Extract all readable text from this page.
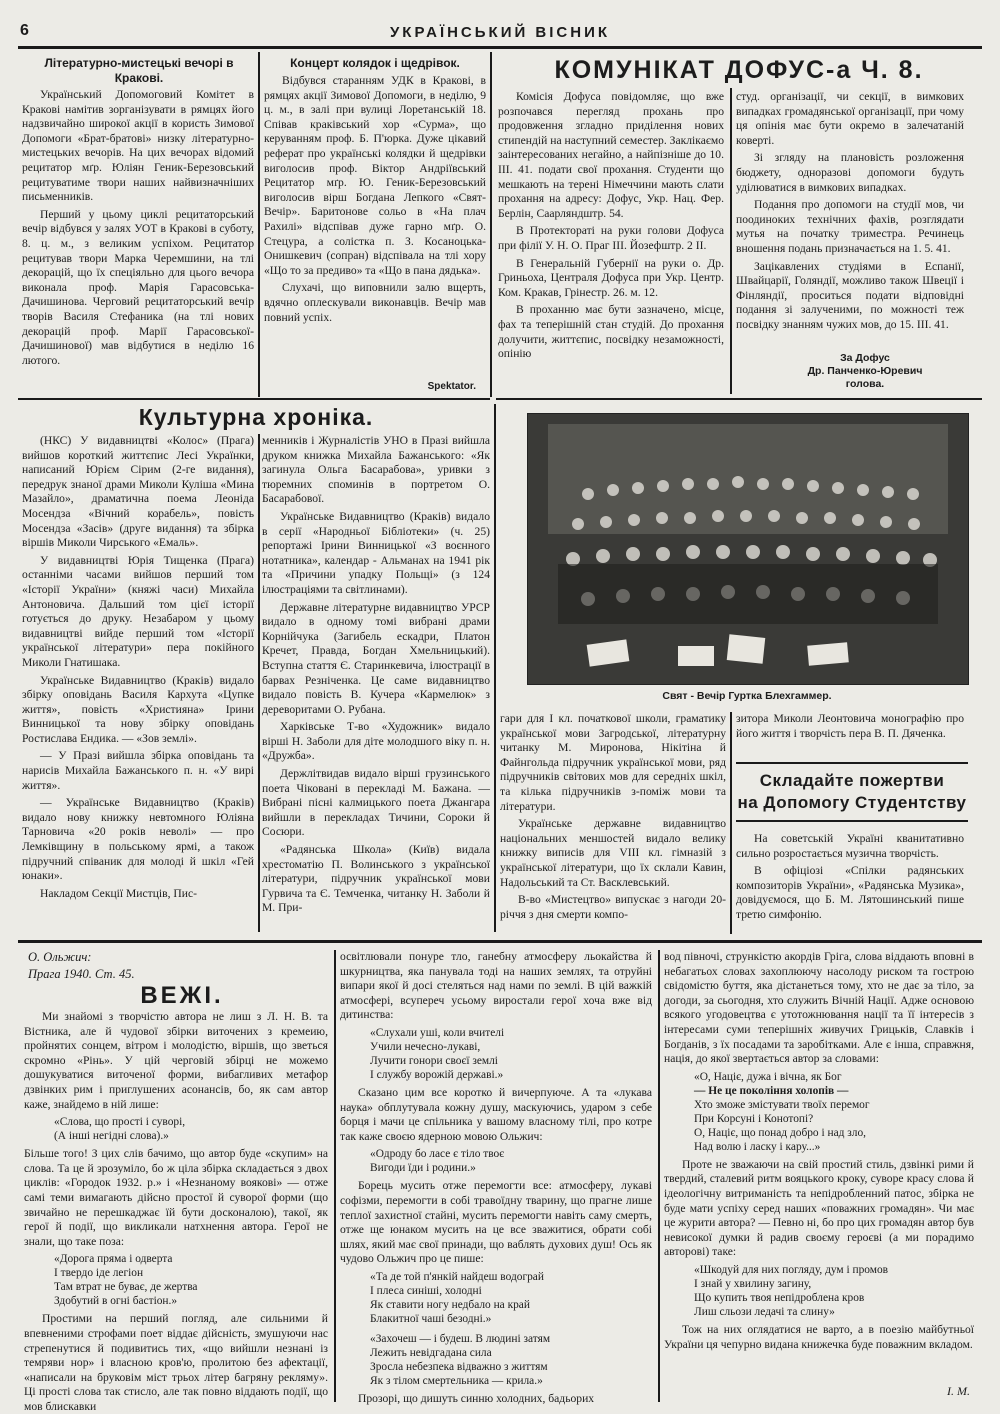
6	УКРАЇНСЬКИЙ ВІСНИК
Літературно-мистецькі вечорі в Кракові.

Український Допомоговий Комітет в Кракові намітив зорганізувати в рямцях його надзвичайно широкої акції в користь Зимової Допомоги «Брат-братові» низку літературно-мистецьких вечорів. На цих вечорах відомий рецитатор мґр. Юліян Геник-Березовський рецитуватиме твори наших найвизначніших письменників.

Перший у цьому циклі рецитаторський вечір відбувся у залях УОТ в Кракові в суботу, 8. ц. м., з великим успіхом. Рецитатор рецитував твори Марка Черемшини, на тлі декорацій, що їх спеціяльно для цього вечора виконала проф. Марія Гарасовська-Дачишинова. Черговий рецитаторський вечір творів Василя Стефаника (на тлі нових декорацій проф. Марії Гарасовської-Дачишинової) мав відбутися в неділю 16 лютого.

Концерт колядок і щедрівок.

Відбувся старанням УДК в Кракові, в рямцях акції Зимової Допомоги, в неділю, 9 ц. м., в залі при вулиці Лоретанській 18. Співав краківський хор «Сурма», що керуванням проф. Б. П'юрка. Дуже цікавий реферат про українські колядки й щедрівки виголосив проф. Віктор Андріївський Рецитатор мґр. Ю. Геник-Березовський виголосив вірш Богдана Лепкого «Свят-Вечір». Баритонове сольо в «На плач Рахилі» відспівав дуже гарно мґр. О. Стецура, а солістка п. З. Косаноцька-Онишкевич (сопран) відспівала на тлі хору «Що то за предиво» та «Що в пана дядька».

Слухачі, що виповнили залю вщерть, вдячно оплескували виконавців. Вечір мав повний успіх.

Spektator.
КОМУНІКАТ ДОФУС-а Ч. 8.

Комісія Дофуса повідомляє, що вже розпочався перегляд прохань про продовження згладно приділення нових стипендій на наступний семестер. Заклікаємо заінтересованих негайно, а найпізніше до 10. III. 41. подати свої прохання. Студенти що мешкають на терені Німеччини мають слати прохання на адресу: Дофус, Укр. Нац. Фер. Берлін, Саарляндштр. 54.

В Протектораті на руки голови Дофуса при філії У. Н. О. Праг III. Йозефштр. 2 II.

В Генеральній Губернії на руки о. Др. Гриньоха, Централя Дофуса при Укр. Центр. Ком. Кракав, Грінестр. 26. м. 12.

В проханню має бути зазначено, місце, фах та теперішній стан студій. До прохання долучити, життєпис, посвідку незаможності, опінію

студ. організації, чи секції, в вимкових випадках громадянської організації, при чому ця опінія має бути окремо в залечатаній коверті.

Зі згляду на плановість розложення бюджету, одноразові допомоги будуть уділюватися в вимкових випадках.

Подання про допомоги на студії мов, чи поодиноких технічних фахів, розглядати мутья на початку триместра. Речинець вношення подань призначається на 1. 5. 41.

Зацікавлених студіями в Еспанії, Швайцарії, Голяндії, можливо також Швеції і Фінляндії, проситься подати відповідні подання зі залученими, по можності теж посвідку знанням чужих мов, до 15. III. 41.

За Дофус
Др. Панченко-Юревич
голова.
Культурна хроніка.

(НКС) У видавництві «Колос» (Прага) вийшов короткий життєпис Лесі Українки, написаний Юрієм Сірим (2-ге видання), передрук знаної драми Миколи Куліша «Мина Мазайло», драматична поема Леоніда Мосендза «Вічний корабель», повість Мосендза «Засів» (друге видання) та збірка віршів Миколи Чирського «Емаль».

У видавництві Юрія Тищенка (Прага) останніми часами вийшов перший том «Історії України» (княжі часи) Михайла Антоновича. Дальший том цієї історії готується до друку. Незабаром у цьому видавництві вийде перший том «Історії української літератури» пера покійного Миколи Гнатишака.

Українське Видавництво (Краків) видало збірку оповідань Василя Кархута «Цупке життя», повість «Християна» Ірини Винницької та нову збірку оповідань Ростислава Ендика. — «Зов землі».

— У Празі вийшла збірка оповідань та нарисів Михайла Бажанського п. н. «У вирі життя».

— Українське Видавництво (Краків) видало нову книжку невтомного Юліяна Тарновича «20 років неволі» — про Лемківщину в польському ярмі, а також підручний співаник для молоді й шкіл «Гей юнаки».

Накладом Секції Мистців, Пис-

менників і Журналістів УНО в Празі вийшла друком книжка Михайла Бажанського: «Як загинула Ольга Басарабова», уривки з тюремних споминів в портретом О. Басарабової.

Українське Видавництво (Краків) видало в серії «Народньої Бібліотеки» (ч. 25) репортажі Ірини Винницької «З воєнного нотатника», календар - Альманах на 1941 рік та «Причини упадку Польщі» (з 124 ілюстраціями та світлинами).

Державне літературне видавництво УРСР видало в одному томі вибрані драми Корнійчука (Загибель ескадри, Платон Кречет, Правда, Богдан Хмельницький). Вступна стаття Є. Старинкевича, ілюстрації в барвах Резніченка. Це саме видавництво видало повість В. Кучера «Кармелюк» з дереворитами О. Рубана.

Харківське Т-во «Художник» видало вірші Н. Заболи для діте молодшого віку п. н. «Дружба».

Держлітвидав видало вірші грузинського поета Чіковані в перекладі М. Бажана. — Вибрані пісні калмицького поета Джангара вийшли в перекладах Тичини, Сороки й Сосюри.

«Радянська Школа» (Київ) видала хрестоматію П. Волинського з української літератури, підручник української мови Гурвича та Є. Темченка, читанку Н. Заболи й М. При-

Свят - Вечір Гуртка Блехгаммер.

гари для I кл. початкової школи, граматику української мови Загродської, літературну читанку М. Миронова, Нікітіна й Файнгольда підручник української мови, ряд підручників світових мов для середніх шкіл, та кілька підручників з-поміж мови та літератури.

Українське державне видавництво національних меншостей видало велику книжку виписів для VIII кл. гімназій з української літератури, що їх склали Кавин, Надольський та Ст. Васклевський.

В-во «Мистецтво» випускає з нагоди 20-річчя з дня смерти компо-

зитора Миколи Леонтовича монографію про його життя і творчість пера В. П. Дяченка.

Складайте пожертви
на Допомогу Студентству

На советській Україні кванитативно сильно розростається музична творчість.

В офіціозі «Спілки радянських композиторів України», «Радянська Музика», довідуємося, що Б. М. Лятошинський пише третю симфонію.

О. Ольжич:
Прага 1940. Ст. 45.
ВЕЖІ.

Ми знайомі з творчістю автора не лиш з Л. Н. В. та Вістника, але й чудової збірки виточених з кремеию, пройнятих сонцем, вітром і молодістю, віршів, що зветься скромно «Рінь». У цій черговій збірці не можемо дошукуватися виточеної форми, вибагливих метафор дзвінких рим і приглушених асонансів, бо, як сам автор каже, знайдемо в ній лише:

«Слова, що прості і суворі,
(А інші негідні слова).»

Більше того! З цих слів бачимо, що автор буде «скупим» на слова. Та це й зрозуміло, бо ж ціла збірка складається з двох циклів: «Городок 1932. р.» і «Незнаному воякові» — отже самі теми вимагають дійсно простої й суворої форми (що звичайно не перешкаджає їй бути досконалою), такої, як герої й події, що викликали натхнення автора. Герої не знали, що таке поза:

«Дорога пряма і одверта
І твердо іде легіон
Там втрат не буває, де жертва
Здобутий в огні бастіон.»

Простими на перший погляд, але сильними й впевненими строфами поет віддає дійсність, змушуючи нас стрепенутися й подивитись тих, «що вийшли незнані із темряви нор» і власною кров'ю, пролитою без афектації, «написали на бруковім міст трьох літер багряну рекляму». Ці прості слова так стисло, але так повно віддають події, що мов блискавки

освітлювали понуре тло, ганебну атмосферу льокайства й шкурництва, яка панувала тоді на наших землях, та отруйні випари якої й досі стеляться над нами по землі. В цій важкій атмосфері, всупереч усьому виростали герої хоча вже від дитинства:

«Слухали уші, коли вчителі
Учили нечесно-лукаві,
Лучити гонори своєї землі
І службу ворожій державі.»

Сказано цим все коротко й вичерпуюче. А та «лукава наука» обплутувала кожну душу, маскуючись, ударом з себе борця і мачи це спільника у вашому власному тілі, про котре так каже своєю ядерною мовою Ольжич:

«Одроду бо ласе є тіло твоє
Вигоди їди і родини.»

Борець мусить отже перемогти все: атмосферу, лукаві софізми, перемогти в собі травоїдну тварину, що прагне лише теплої захистної стайні, мусить перемогти навіть саму смерть, отже ще юнаком мусить на це все зважитися, обрати собі шлях, який має свої принади, що ваблять духових душ! Ось як чудово Ольжич про це пише:

«Та де той п'янкій найдеш водограй
І плеса синіші, холодні
Як ставити ногу недбало на край
Блакитної чаші безодні.»
«Захочеш — і будеш. В людині затям
Лежить невідгадана сила
Зросла небезпека відважно з життям
Як з тілом смертельника — крила.»

Прозорі, що дишуть синню холодних, бадьорих

вод півночі, стрункістю акордів Гріга, слова віддають вповні в небагатьох словах захоплюючу насолоду риском та гострою свідомістю буття, яка дістанеться тому, хто не дає за тіло, за догоди, за сьогодня, хто служить Вічній Нації. Адже основою всякого угодовецтва є утотожнювання нації та її інтересів з інтересами суми теперішніх живучих Грицьків, Славків і Богданів, з їх посадами та заробітками. Але є інша, справжня, нація, до якої звертається автор за словами:

«О, Націє, дужа і вічна, як Бог
— Не це покоління холопів —
Хто зможе змістувати твоїх перемог
При Корсуні і Конотопі?
О, Націє, що понад добро і над зло,
Над волю і ласку і кару...»

Проте не зважаючи на свій простий стиль, дзвінкі рими й твердий, сталевий ритм вояцького кроку, суворе красу слова й ідеологічну витриманість та непідробленний патос, збірка не буде мати успіху серед наших «поважних громадян». Чи має це журити автора? — Певно ні, бо про цих громадян автор був невисокої думки й радив своєму героєві (а ми порадимо авторові) таке:

«Шкодуй для них погляду, дум і промов
І знай у хвилину загину,
Що купить твоя непідроблена кров
Лиш сльози ледачі та слину»

Тож на них оглядатися не варто, а в поезію майбутньої України ця чепурно видана книжечка буде поважним вкладом.

І. М.
